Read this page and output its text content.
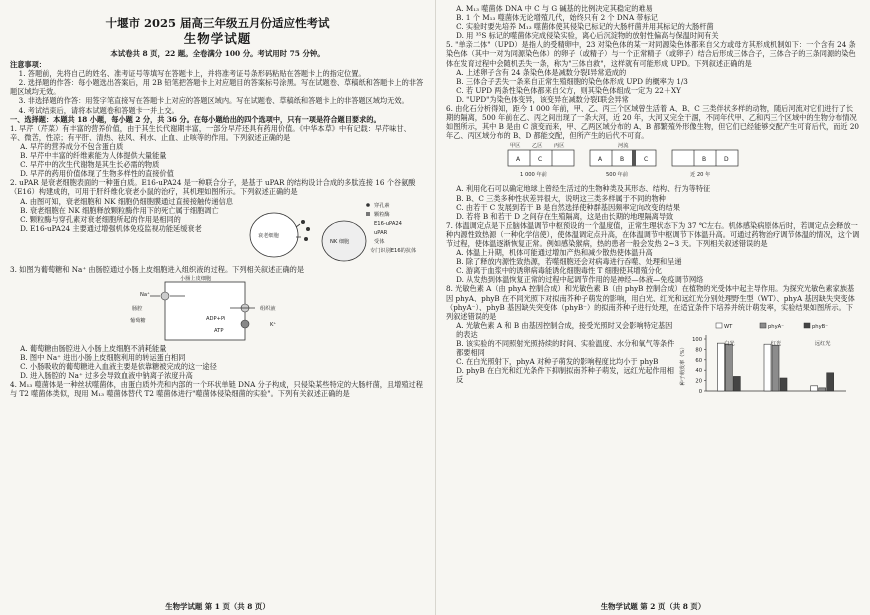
十堰市 2025 届高三年级五月份适应性考试
生物学试题
本试卷共 8 页，22 题。全卷满分 100 分。考试用时 75 分钟。
注意事项：
1. 答题前，先将自己的姓名、准考证号等填写在答题卡上，并将准考证号条形码粘贴在答题卡上的指定位置。
2. 选择题的作答：每小题选出答案后，用 2B 铅笔把答题卡上对应题目的答案标号涂黑。写在试题卷、草稿纸和答题卡上的非答题区域均无效。
3. 非选择题的作答：用签字笔直接写在答题卡上对应的答题区域内。写在试题卷、草稿纸和答题卡上的非答题区域均无效。
4. 考试结束后，请将本试题卷和答题卡一并上交。
一、选择题：本题共 18 小题，每小题 2 分，共 36 分。在每小题给出的四个选项中，只有一项是符合题目要求的。
1. 早芹（芹菜）有丰富的营养价值，由于其生长代谢期丰富，一部分早芹还具有药用价值。《中华本草》中有记载：早芹味甘、辛、微苦，性凉；有平肝、清热、祛风、利水、止血、止咳等的作用。下列叙述正确的是
A. 早芹的营养成分不包含蛋白质
B. 早芹中丰富的纤维素能为人体提供大量能量
C. 早芹中的次生代谢物是其生长必需的物质
D. 早芹的药用价值体现了生物多样性的直接价值
2. uPAR 是衰老细胞表面的一种蛋白质。E16-uPA24 是一种联合分子，是基于 uPAR 的结构设计合成的多肽连接 16 个谷氨酸（E16）构建成的，可用于肝纤维化衰老小鼠的治疗，其机理如图所示。下列叙述正确的是
A. 由图可知，衰老细胞和 NK 细胞仍细胞膜通过直接接触传递信息
B. 衰老细胞在 NK 细胞释放颗粒酶作用下的死亡属于细胞凋亡
C. 颗粒酶与穿孔素对衰老细胞所起的作用是相同的
D. E16-uPA24 主要通过增强机体免疫监视功能延缓衰老
衰老细胞
NK 细胞
穿孔素
颗粒酶
E16-uPA24
uPAR
受体
专门识别E16的抗体
3. 如图为葡萄糖和 Na⁺ 由肠腔通过小肠上皮细胞进入组织液的过程。下列相关叙述正确的是
小肠上皮细胞
肠腔	组织液
Na⁺
K⁺
ATP
ADP+Pi
葡萄糖
A. 葡萄糖由肠腔进入小肠上皮细胞不消耗能量
B. 图中 Na⁺ 进出小肠上皮细胞利用的转运蛋白相同
C. 小肠吸收的葡萄糖进入血液主要是依靠糖被完成的这一途径
D. 进入肠腔的 Na⁺ 过多会导致血液中钠离子浓度升高
4. M₁₃ 噬菌体是一种丝状噬菌体，由蛋白质外壳和内部的一个环状单链 DNA 分子构成，只侵染某些特定的大肠杆菌，且增殖过程与 T2 噬菌体类似，现用 M₁₃ 噬菌体替代 T2 噬菌体进行"噬菌体侵染细菌的实验"。下列有关叙述正确的是
生物学试题 第 1 页（共 8 页）
A. M₁₃ 噬菌体 DNA 中 C 与 G 碱基的比例决定其稳定的难易
B. 1 个 M₁₃ 噬菌体无论增殖几代，始终只有 2 个 DNA 带标记
C. 实验时要先培养 M₁₃ 噬菌体使其侵染已标记的大肠杆菌并用其标记的大肠杆菌
D. 用 ³⁵S 标记的噬菌体完成侵染实验，离心后沉淀物的放射性偏高与保温时间有关
5. "单亲二体"（UPD）是指人的受精卵中，23 对染色体的某一对同源染色体都来自父方或母方其形成机制如下：一个含有 24 条染色体（其中一对为同源染色体）的卵子（或精子）与一个正常精子（或卵子）结合后形成三体合子，三体合子的三条同源的染色体在发育过程中会随机丢失一条，称为"三体自救"，这样就有可能形成 UPD。下列叙述正确的是
A. 上述卵子含有 24 条染色体是减数分裂Ⅰ异常造成的
B. 三体合子丢失一条来自正常生殖细胞的染色体形成 UPD 的概率为 1/3
C. 若 UPD 两条性染色体都来自父方，则其染色体组成一定为 22＋XY
D. "UPD"为染色体变异，该变异在减数分裂Ⅰ联会异常
6. 由化石分析得知，距今 1 000 年前，甲、乙、丙三个区域曾生活着 A、B、C 三类伴状多样的动物，随后河流对它们进行了长期的隔离，500 年前在乙、丙之间出现了一条大河，近 20 年，大河又完全干涸，不同年代甲、乙和丙三个区域中的生物分布情况如图所示，其中 B 是由 C 演变而来，甲、乙两区域分布的 A、B 都繁殖外形像生物，但它们已经能够交配产生可育后代，而近 20 年乙、丙区域分布的 B、D 都能交配，但所产生的后代不可育。
甲区 乙区 丙区
A	C
1 000 年前
河流
A	B	C
500 年前
B	D
近 20 年
A. 利用化石可以确定地球上曾经生活过的生物种类及其形态、结构、行为等特征
B. B、C 三类多种性状差异很大，说明这三类多样属于不同的物种
C. 由若干 C 发展到若干 B 是自然选择使种群基因频率定向改变的结果
D. 若将 B 和若干 D 之间存在生殖隔离，这是由长期的地理隔离导致
7. 体温调定点是下丘脑体温调节中枢预设的一个温度值，正常生理状态下为 37 ℃左右。机体感染病原体后时，若调定点会释放一种内源性致热源（一种化学信使），使体温调定点升高，在体温调节中枢调节下体温升高。可通过药物治疗调节体温的情况，这个调节过程，使体温逐渐恢复正常。例如感染猴病，热的患者一般会发热 2~3 天。下列相关叙述错误的是
A. 体温上升期，机体可能通过增加产热和减少散热使体温升高
B. 除了释放内源性致热源，若噬细胞还会对病毒进行吞噬、处理和呈递
C. 游离于血浆中的诱卵病毒能诱化细胞毒性 T 细胞使其增殖分化
D. 从发热到体温恢复正常的过程中起调节作用的是神经—体液—免疫调节网络
8. 光敏色素 A（由 phyA 控制合成）和光敏色素 B（由 phyB 控制合成）在植物的光受体中起主导作用。为探究光敏色素家族基因 phyA、phyB 在不同光照下对拟南芥种子萌发的影响，用白光、红光和远红光分别处理野生型（WT）、phyA 基因缺失突变体（phyA⁻）、phyB 基因缺失突变体（phyB⁻）的拟南芥种子进行处理，在适宜条件下培养并统计萌发率，实验结果如图所示。下列叙述错误的是
A. 光敏色素 A 和 B 由基因控制合成，接受光照时又会影响特定基因的表达
B. 该实验的不同照射光照持续的时间、实验温度、水分和氧气等条件都要相同
C. 在白光照射下，phyA 对种子萌发的影响程度比均小于 phyB
D. phyB 在白光和红光条件下抑制拟南芥种子萌发，远红光起作用相反
0
20
40
60
80
100
种子萌发率（%）
白光	红光	远红光
WT	phyA⁻	phyB⁻
生物学试题 第 2 页（共 8 页）
